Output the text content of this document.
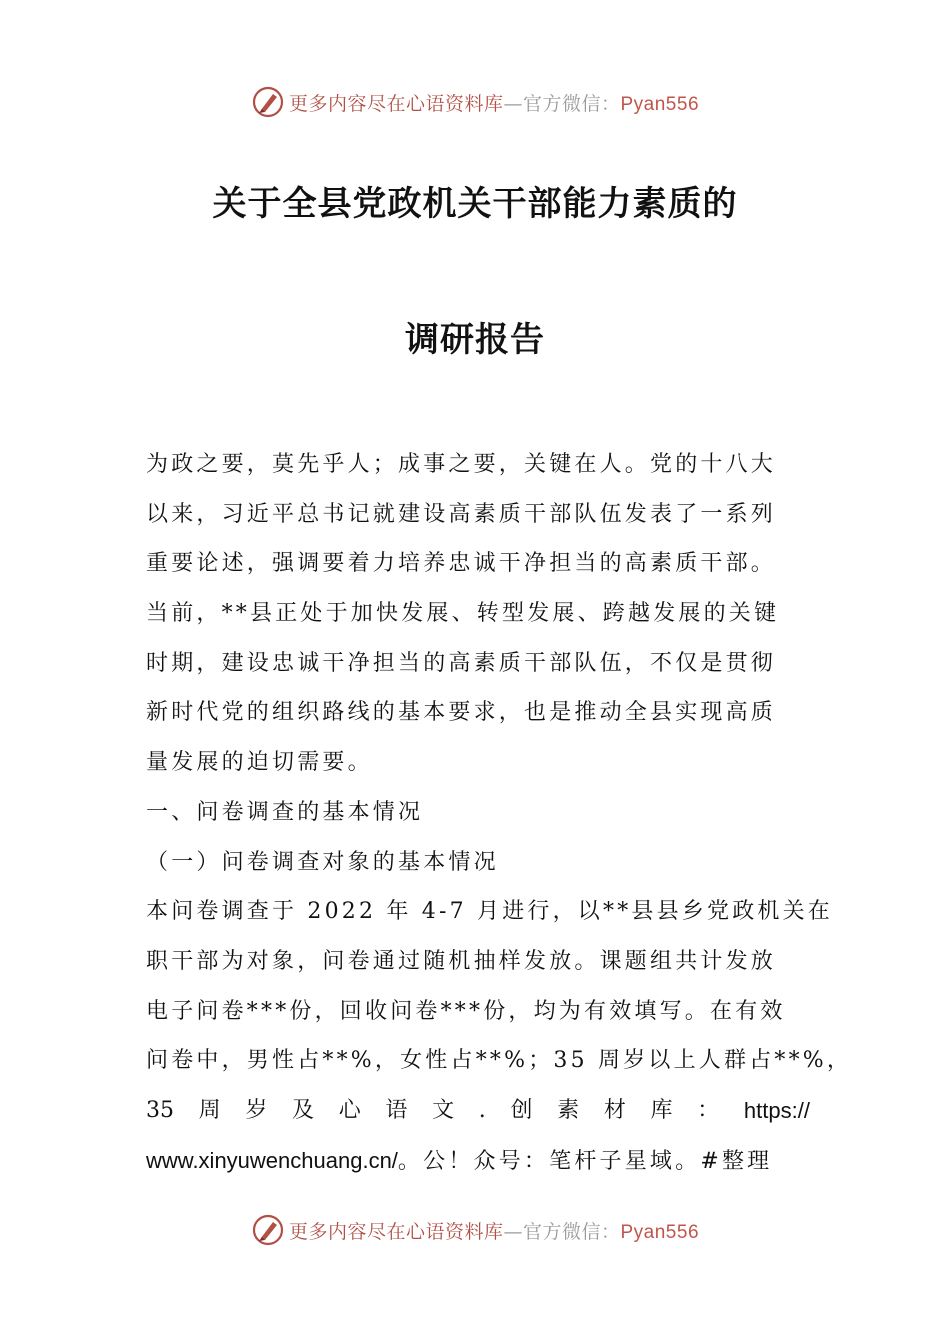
更多内容尽在心语资料库—官方微信：Pyan556
关于全县党政机关干部能力素质的
调研报告
为政之要，莫先乎人；成事之要，关键在人。党的十八大
以来，习近平总书记就建设高素质干部队伍发表了一系列
重要论述，强调要着力培养忠诚干净担当的高素质干部。
当前，**县正处于加快发展、转型发展、跨越发展的关键
时期，建设忠诚干净担当的高素质干部队伍，不仅是贯彻
新时代党的组织路线的基本要求，也是推动全县实现高质
量发展的迫切需要。
一、问卷调查的基本情况
（一）问卷调查对象的基本情况
本问卷调查于 2022 年 4-7 月进行，以**县县乡党政机关在
职干部为对象，问卷通过随机抽样发放。课题组共计发放
电子问卷***份，回收问卷***份，均为有效填写。在有效
问卷中，男性占**%，女性占**%；35 周岁以上人群占**%，
35 周 岁 及 心 语 文 . 创 素 材 库 ： https://
www.xinyuwenchuang.cn/。公！众号：笔杆子星域。#整理
更多内容尽在心语资料库—官方微信：Pyan556
